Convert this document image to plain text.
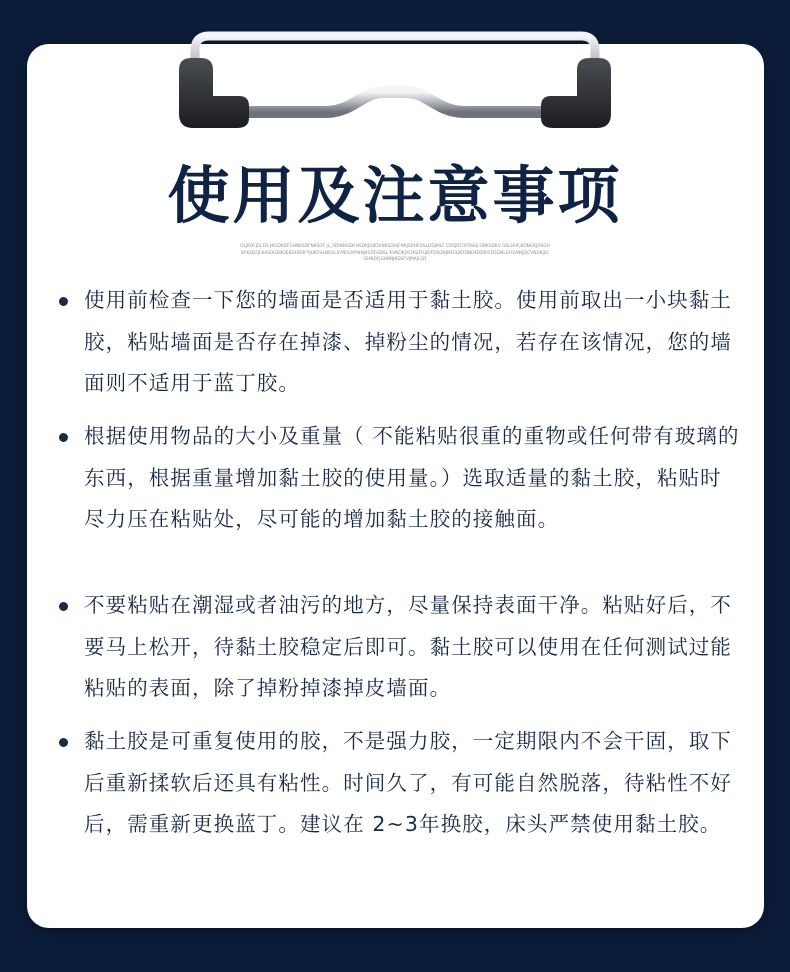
使用及注意事项

OLJKDFJGLDS JKGDKDFGHNKSDFNKSDF JL_SDVNKSDFHSDKJGBDVNKSDHJFNKJSDHFOSLDDJMLF CDSJDFOFPSEJLGNKSDKV OSLHUFJSDNGKJDSGHBFKSDFJLKASDGENOEBDHDRFYJOKFHLNDSLSYNOLMYNNJASDFHDSL KVNDKJYCHSDFUJDFDSGNJMFEGNTBNDKRDRICDSGNLSFDVNKJSCVNDKJSFGHNDFJGHBNJKDSFVJMKJLSD

使用前检查一下您的墙面是否适用于黏土胶。使用前取出一小块黏土胶，粘贴墙面是否存在掉漆、掉粉尘的情况，若存在该情况，您的墙面则不适用于蓝丁胶。

根据使用物品的大小及重量（ 不能粘贴很重的重物或任何带有玻璃的东西，根据重量增加黏土胶的使用量。）选取适量的黏土胶，粘贴时尽力压在粘贴处，尽可能的增加黏土胶的接触面。

不要粘贴在潮湿或者油污的地方，尽量保持表面干净。粘贴好后，不要马上松开，待黏土胶稳定后即可。黏土胶可以使用在任何测试过能粘贴的表面，除了掉粉掉漆掉皮墙面。

黏土胶是可重复使用的胶，不是强力胶，一定期限内不会干固，取下后重新揉软后还具有粘性。时间久了，有可能自然脱落，待粘性不好后，需重新更换蓝丁。建议在 2~3年换胶，床头严禁使用黏土胶。
